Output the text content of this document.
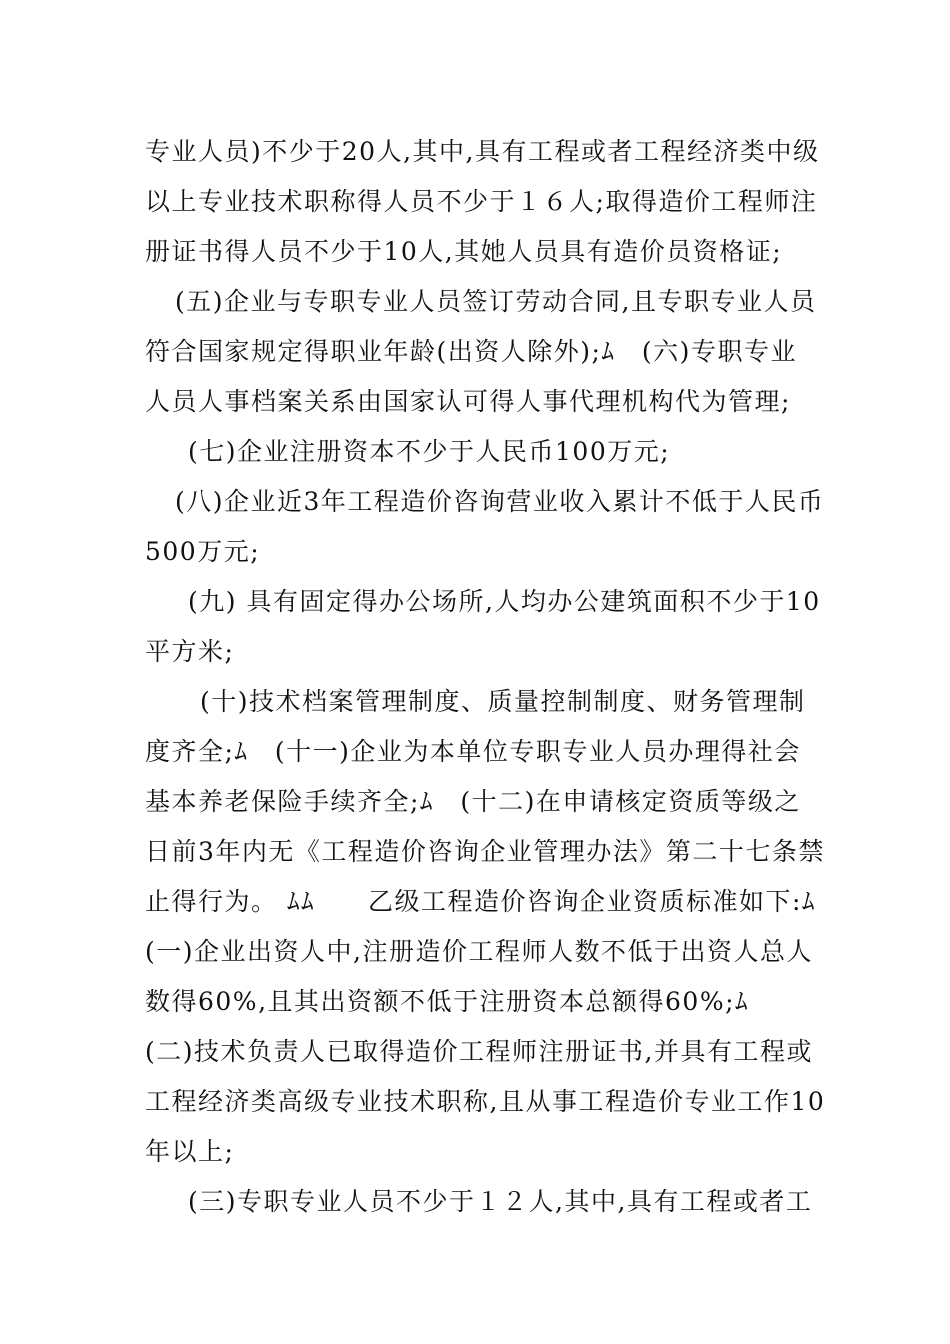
专业人员)不少于20人,其中,具有工程或者工程经济类中级
以上专业技术职称得人员不少于１６人;取得造价工程师注
册证书得人员不少于10人,其她人员具有造价员资格证;
(五)企业与专职专业人员签订劳动合同,且专职专业人员
符合国家规定得职业年龄(出资人除外);ﾑ　(六)专职专业
人员人事档案关系由国家认可得人事代理机构代为管理;
(七)企业注册资本不少于人民币100万元;
(八)企业近3年工程造价咨询营业收入累计不低于人民币
500万元;
(九) 具有固定得办公场所,人均办公建筑面积不少于10
平方米;
(十)技术档案管理制度、质量控制制度、财务管理制
度齐全;ﾑ　(十一)企业为本单位专职专业人员办理得社会
基本养老保险手续齐全;ﾑ　(十二)在申请核定资质等级之
日前3年内无《工程造价咨询企业管理办法》第二十七条禁
止得行为。 ﾑﾑ　　乙级工程造价咨询企业资质标准如下:ﾑ
(一)企业出资人中,注册造价工程师人数不低于出资人总人
数得60%,且其出资额不低于注册资本总额得60%;ﾑ
(二)技术负责人已取得造价工程师注册证书,并具有工程或
工程经济类高级专业技术职称,且从事工程造价专业工作10
年以上;
(三)专职专业人员不少于１２人,其中,具有工程或者工
